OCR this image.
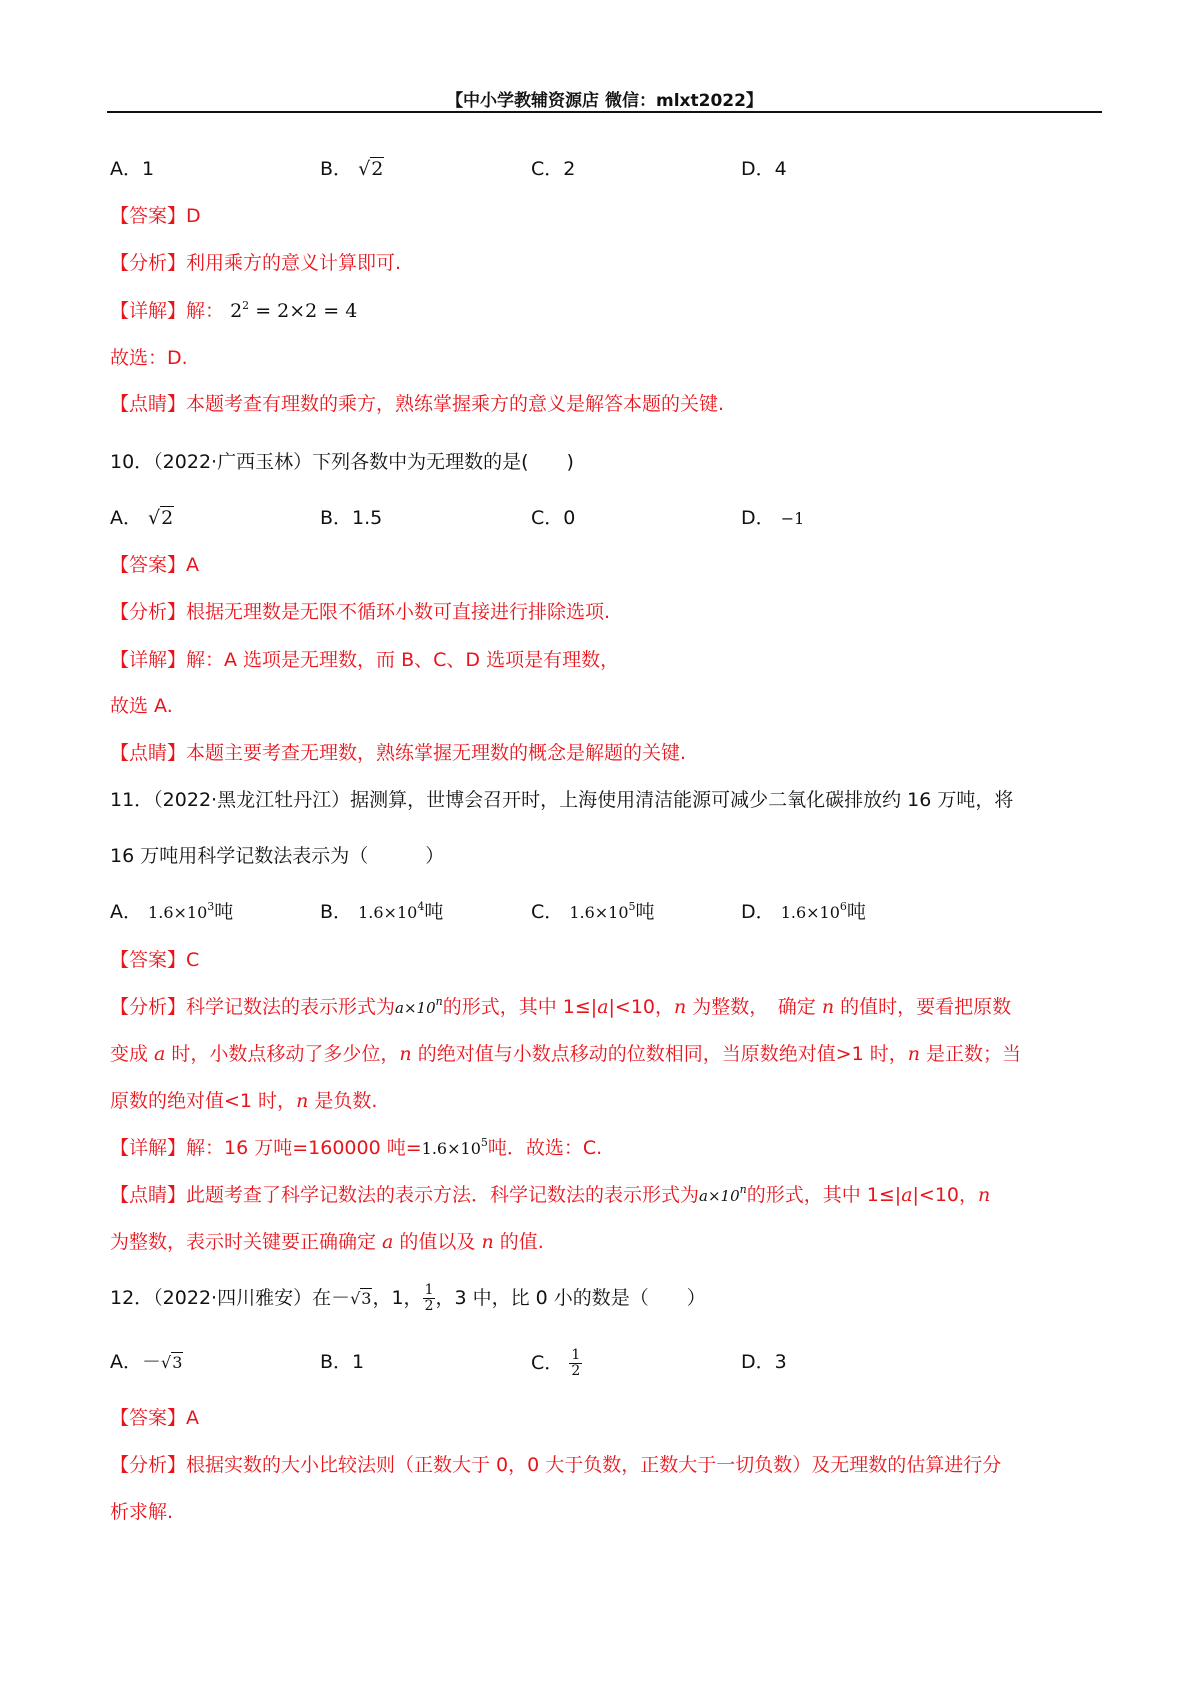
【中小学教辅资源店 微信：mlxt2022】
A．1	B． √2	C．2	D．4
【答案】D
【分析】利用乘方的意义计算即可.
【详解】解： $2^2 = 2\times 2 = 4$
故选：D.
【点睛】本题考查有理数的乘方，熟练掌握乘方的意义是解答本题的关键.
10．（2022·广西玉林）下列各数中为无理数的是(　　)
A． √2	B．1.5	C．0	D． −1
【答案】A
【分析】根据无理数是无限不循环小数可直接进行排除选项.
【详解】解：A 选项是无理数，而 B、C、D 选项是有理数，
故选 A.
【点睛】本题主要考查无理数，熟练掌握无理数的概念是解题的关键.
11．（2022·黑龙江牡丹江）据测算，世博会召开时，上海使用清洁能源可减少二氧化碳排放约 16 万吨，将
16 万吨用科学记数法表示为（　　　）
A． $1.6\times 10^3$吨	B． $1.6\times 10^4$吨	C． $1.6\times 10^5$吨	D． $1.6\times 10^6$吨
【答案】C
【分析】科学记数法的表示形式为$a\times 10^n$的形式，其中 1≤|a|<10，n 为整数，　确定 n 的值时，要看把原数
变成 a 时，小数点移动了多少位，n 的绝对值与小数点移动的位数相同，当原数绝对值>1 时，n 是正数；当
原数的绝对值<1 时，n 是负数.
【详解】解：16 万吨=160000 吨$=1.6\times 10^5$吨．故选：C.
【点睛】此题考查了科学记数法的表示方法．科学记数法的表示形式为$a\times 10^n$的形式，其中 1≤|a|<10，n
为整数，表示时关键要正确确定 a 的值以及 n 的值.
12．（2022·四川雅安）在－√3，1， $\frac{1}{2}$ ，3 中，比 0 小的数是（　　）
A．－√3	B．1	C． $\frac{1}{2}$	D．3
【答案】A
【分析】根据实数的大小比较法则（正数大于 0，0 大于负数，正数大于一切负数）及无理数的估算进行分
析求解.
